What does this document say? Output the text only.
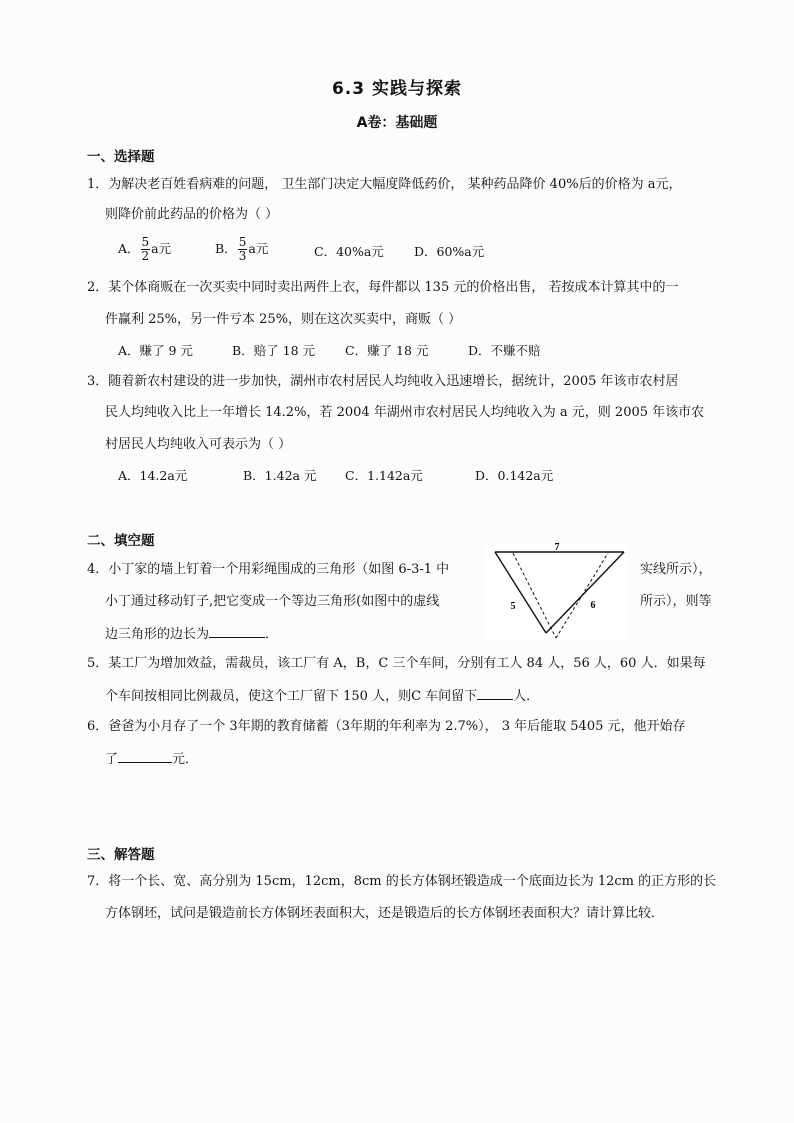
6.3 实践与探索
A卷：基础题
一、选择题
1．为解决老百姓看病难的问题， 卫生部门决定大幅度降低药价， 某种药品降价 40%后的价格为 a元，
则降价前此药品的价格为（ ）
A． $\frac{5}{2}$ a元	B． $\frac{5}{3}$ a元	C．40%a元 D．60%a元
2．某个体商贩在一次买卖中同时卖出两件上衣，每件都以 135 元的价格出售， 若按成本计算其中的一
件赢利 25%，另一件亏本 25%，则在这次买卖中，商贩（ ）
A．赚了 9 元	B．赔了 18 元 C．赚了 18 元	D．不赚不赔
3．随着新农村建设的进一步加快，湖州市农村居民人均纯收入迅速增长，据统计，2005 年该市农村居
民人均纯收入比上一年增长 14.2%，若 2004 年湖州市农村居民人均纯收入为 a 元，则 2005 年该市农
村居民人均纯收入可表示为（ ）
A．14.2a元	B．1.42a 元 C．1.142a元	D．0.142a元
二、填空题
4．小丁家的墙上钉着一个用彩绳围成的三角形（如图 6-3-1 中	实线所示），
小丁通过移动钉子,把它变成一个等边三角形(如图中的虚线	所示），则等
边三角形的边长为	．
7
5	6
5．某工厂为增加效益，需裁员，该工厂有 A，B，C 三个车间，分别有工人 84 人，56 人，60 人．如果每
个车间按相同比例裁员，使这个工厂留下 150 人，则C 车间留下	人．
6．爸爸为小月存了一个 3年期的教育储蓄（3年期的年利率为 2.7%）， 3 年后能取 5405 元，他开始存
了	元．
三、解答题
7．将一个长、宽、高分别为 15cm，12cm，8cm 的长方体钢坯锻造成一个底面边长为 12cm 的正方形的长
方体钢坯，试问是锻造前长方体钢坯表面积大，还是锻造后的长方体钢坯表面积大？请计算比较．
